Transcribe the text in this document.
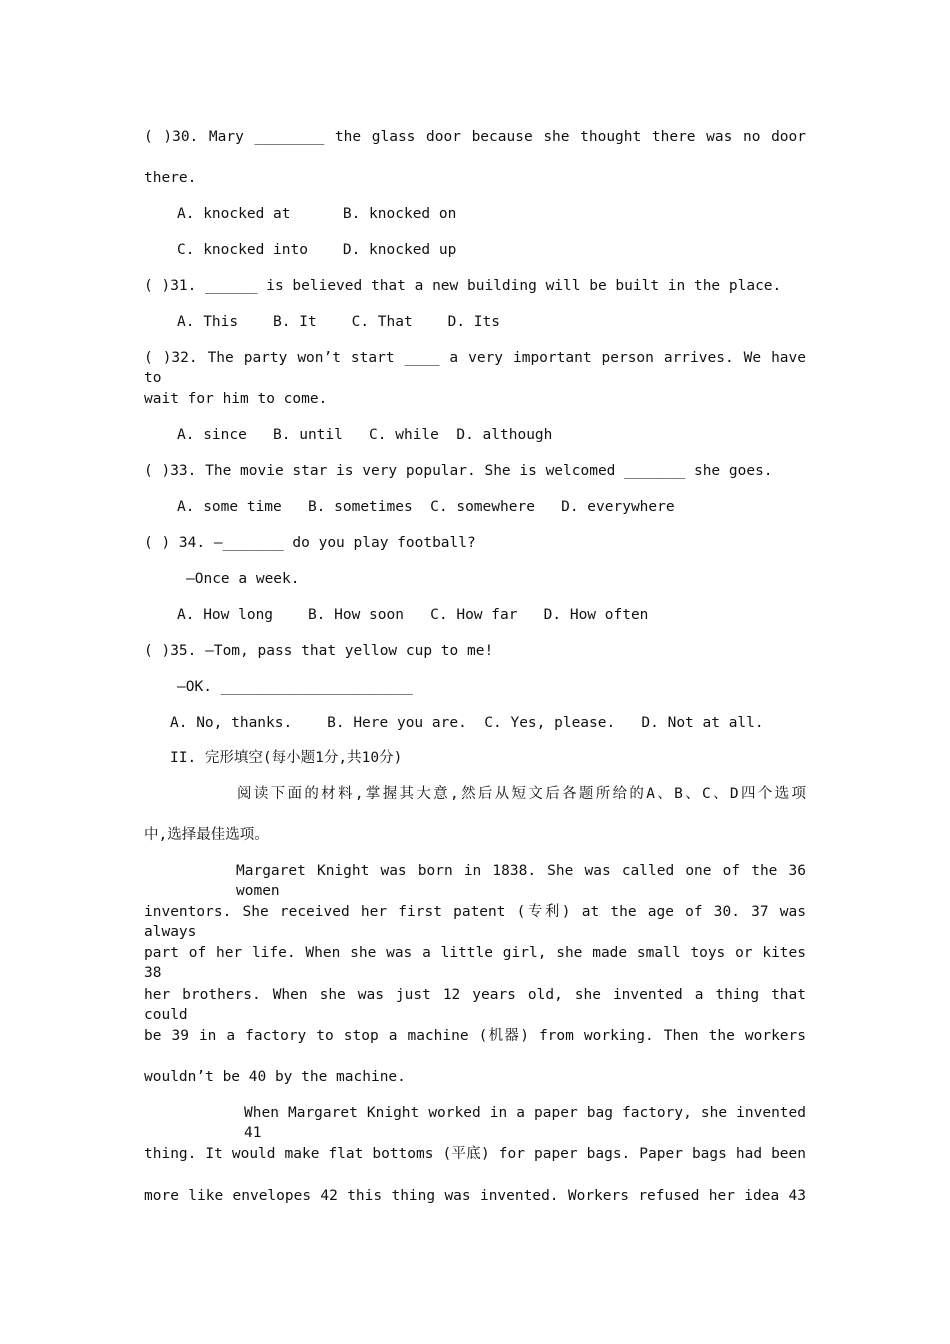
( )30. Mary ________ the glass door because she thought there was no door
there.
A. knocked at      B. knocked on
C. knocked into    D. knocked up
( )31. ______ is believed that a new building will be built in the place.
A. This    B. It    C. That    D. Its
( )32. The party won’t start ____ a very important person arrives. We have to
wait for him to come.
A. since   B. until   C. while  D. although
( )33. The movie star is very popular. She is welcomed _______ she goes.
A. some time   B. sometimes  C. somewhere   D. everywhere
( ) 34. —_______ do you play football?
—Once a week.
A. How long    B. How soon   C. How far   D. How often
( )35. —Tom, pass that yellow cup to me!
—OK. ______________________
A. No, thanks.    B. Here you are.  C. Yes, please.   D. Not at all.
II. 完形填空(每小题1分,共10分)
阅读下面的材料,掌握其大意,然后从短文后各题所给的A、B、C、D四个选项
中,选择最佳选项。
Margaret Knight was born in 1838. She was called one of the 36 women
inventors. She received her first patent (专利) at the age of 30. 37 was always
part of her life. When she was a little girl, she made small toys or kites 38
her brothers. When she was just 12 years old, she invented a thing that could
be 39 in a factory to stop a machine (机器) from working. Then the workers
wouldn’t be 40 by the machine.
When Margaret Knight worked in a paper bag factory, she invented 41
thing. It would make flat bottoms (平底) for paper bags. Paper bags had been
more like envelopes 42 this thing was invented. Workers refused her idea 43
